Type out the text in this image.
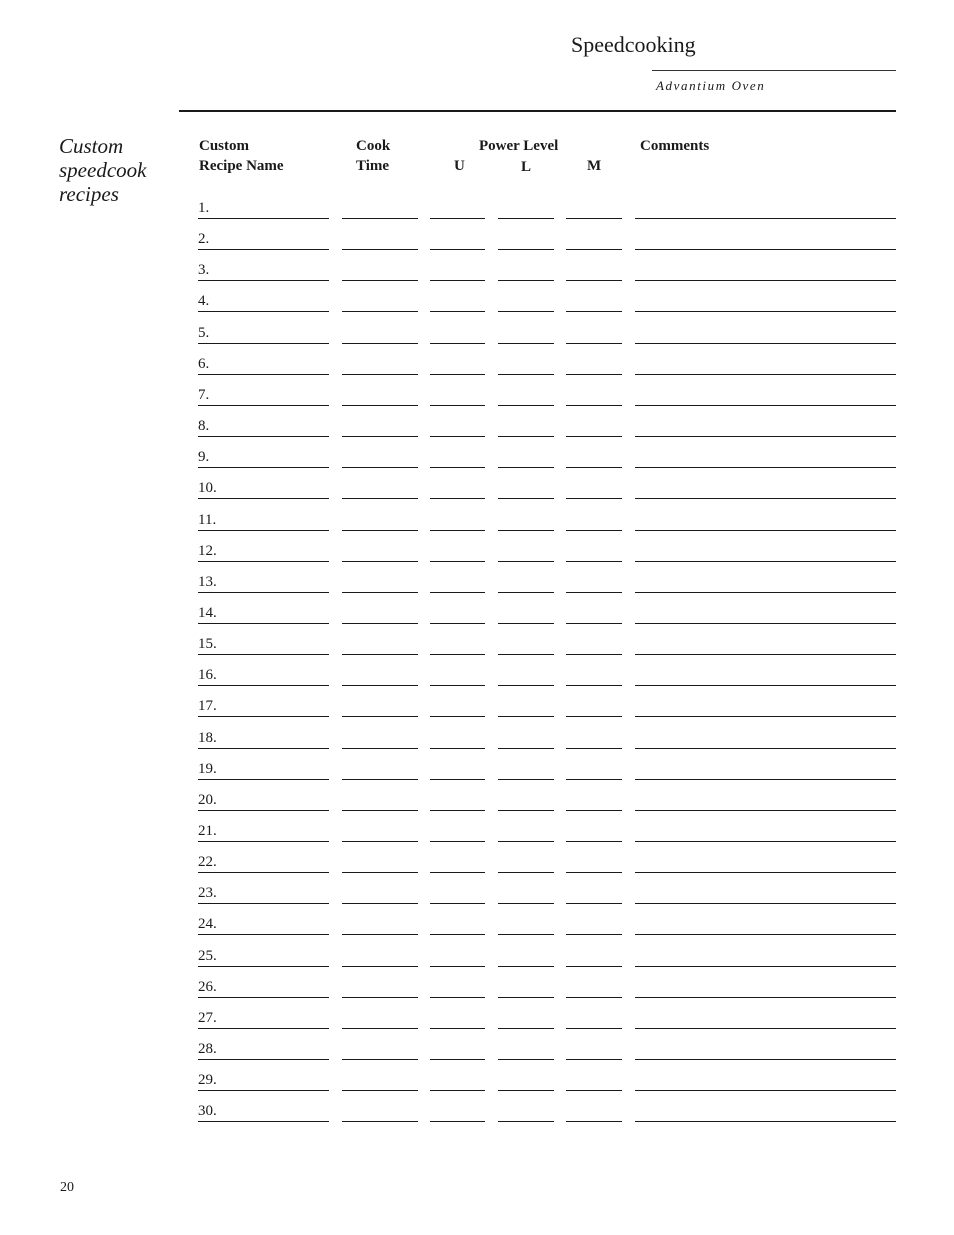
Speedcooking
Advantium Oven
Custom speedcook recipes
Custom
Recipe Name
Cook
Time
Power Level
U	L	M
Comments
1.
2.
3.
4.
5.
6.
7.
8.
9.
10.
11.
12.
13.
14.
15.
16.
17.
18.
19.
20.
21.
22.
23.
24.
25.
26.
27.
28.
29.
30.
20
